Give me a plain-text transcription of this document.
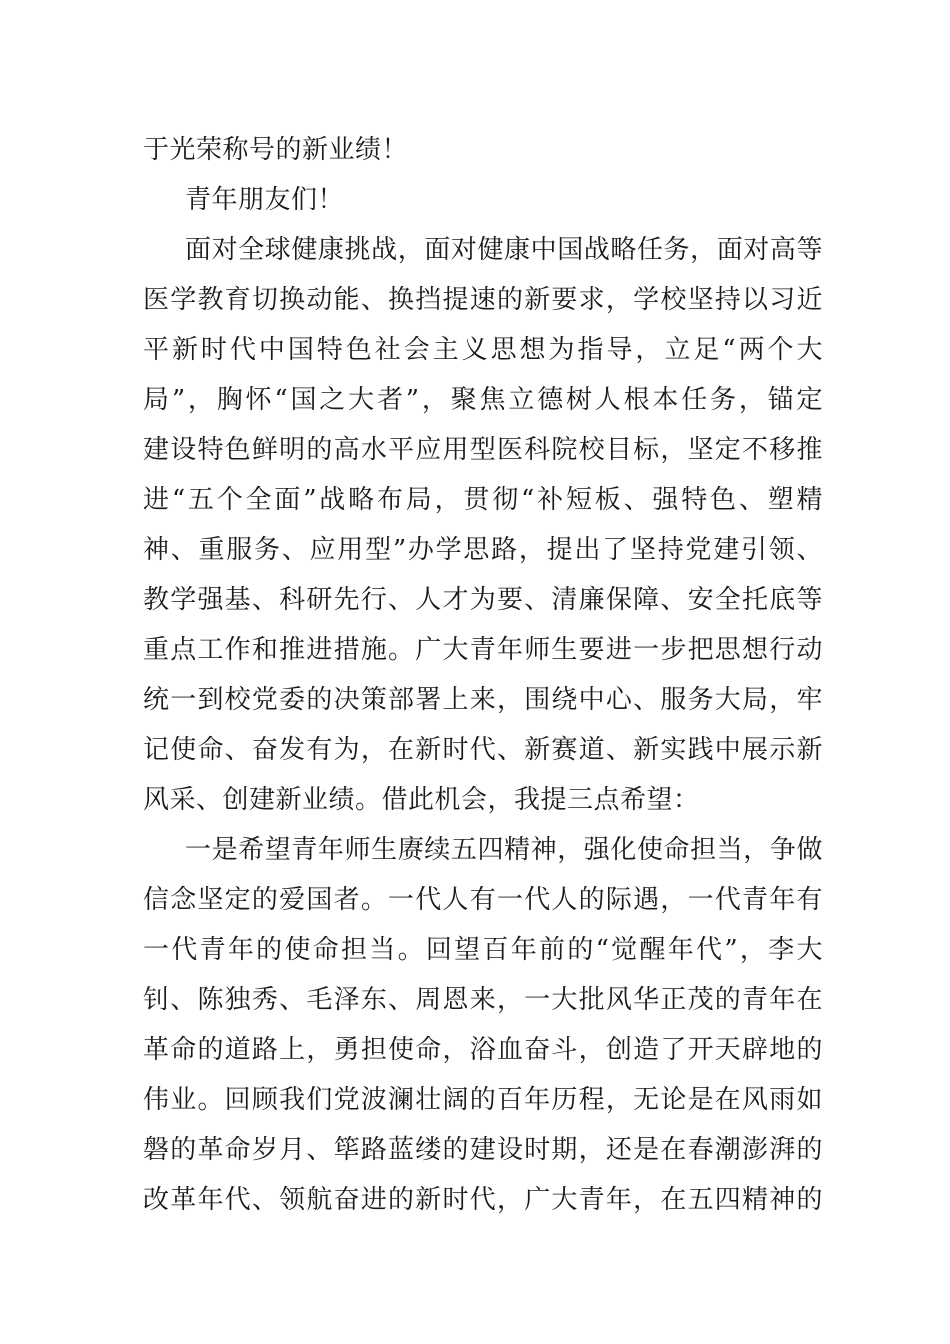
于光荣称号的新业绩！
青年朋友们！
面对全球健康挑战，面对健康中国战略任务，面对高等
医学教育切换动能、换挡提速的新要求，学校坚持以习近
平新时代中国特色社会主义思想为指导，立足“两个大
局”，胸怀“国之大者”，聚焦立德树人根本任务，锚定
建设特色鲜明的高水平应用型医科院校目标，坚定不移推
进“五个全面”战略布局，贯彻“补短板、强特色、塑精
神、重服务、应用型”办学思路，提出了坚持党建引领、
教学强基、科研先行、人才为要、清廉保障、安全托底等
重点工作和推进措施。广大青年师生要进一步把思想行动
统一到校党委的决策部署上来，围绕中心、服务大局，牢
记使命、奋发有为，在新时代、新赛道、新实践中展示新
风采、创建新业绩。借此机会，我提三点希望：
一是希望青年师生赓续五四精神，强化使命担当，争做
信念坚定的爱国者。一代人有一代人的际遇，一代青年有
一代青年的使命担当。回望百年前的“觉醒年代”，李大
钊、陈独秀、毛泽东、周恩来，一大批风华正茂的青年在
革命的道路上，勇担使命，浴血奋斗，创造了开天辟地的
伟业。回顾我们党波澜壮阔的百年历程，无论是在风雨如
磐的革命岁月、筚路蓝缕的建设时期，还是在春潮澎湃的
改革年代、领航奋进的新时代，广大青年，在五四精神的
